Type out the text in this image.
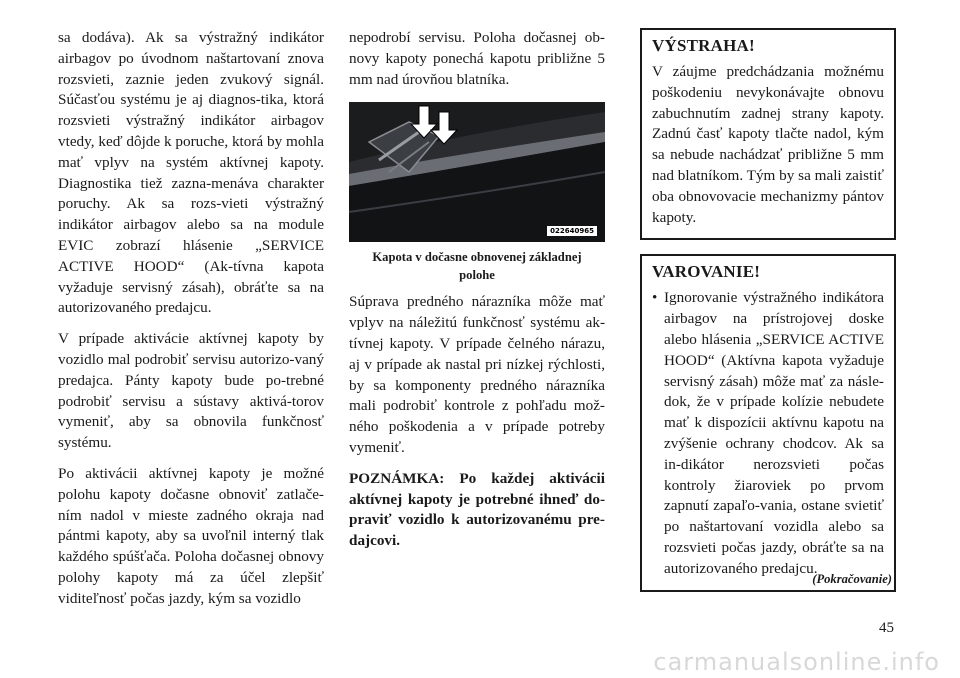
sa dodáva). Ak sa výstražný indikátor airbagov po úvodnom naštartovaní znova rozsvieti, zaznie jeden zvukový signál. Súčasťou systému je aj diagnos-tika, ktorá rozsvieti výstražný indikátor airbagov vtedy, keď dôjde k poruche, ktorá by mohla mať vplyv na systém aktívnej kapoty. Diagnostika tiež zazna-menáva charakter poruchy. Ak sa rozs-vieti výstražný indikátor airbagov alebo sa na module EVIC zobrazí hlásenie „SERVICE ACTIVE HOOD“ (Ak-tívna kapota vyžaduje servisný zásah), obráťte sa na autorizovaného predajcu.

V prípade aktivácie aktívnej kapoty by vozidlo mal podrobiť servisu autorizo-vaný predajca. Pánty kapoty bude po-trebné podrobiť servisu a sústavy aktivá-torov vymeniť, aby sa obnovila funkčnosť systému.

Po aktivácii aktívnej kapoty je možné polohu kapoty dočasne obnoviť zatlače-ním nadol v mieste zadného okraja nad pántmi kapoty, aby sa uvoľnil interný tlak každého spúšťača. Poloha dočasnej obnovy polohy kapoty má za účel zlepšiť viditeľnosť počas jazdy, kým sa vozidlo

nepodrobí servisu. Poloha dočasnej ob-novy kapoty ponechá kapotu približne 5 mm nad úrovňou blatníka.

0226409​65
Kapota v dočasne obnovenej základnej polohe

Súprava predného nárazníka môže mať vplyv na náležitú funkčnosť systému ak-tívnej kapoty. V prípade čelného nárazu, aj v prípade ak nastal pri nízkej rýchlosti, by sa komponenty predného nárazníka mali podrobiť kontrole z pohľadu mož-ného poškodenia a v prípade potreby vymeniť.

POZNÁMKA: Po každej aktivácii aktívnej kapoty je potrebné ihneď do-praviť vozidlo k autorizovanému pre-dajcovi.

VÝSTRAHA!

V záujme predchádzania možnému poškodeniu nevykonávajte obnovu zabuchnutím zadnej strany kapoty. Zadnú časť kapoty tlačte nadol, kým sa nebude nachádzať približne 5 mm nad blatníkom. Tým by sa mali zaistiť oba obnovovacie mechanizmy pántov kapoty.

VAROVANIE!
• Ignorovanie výstražného indikátora airbagov na prístrojovej doske alebo hlásenia „SERVICE ACTIVE HOOD“ (Aktívna kapota vyžaduje servisný zásah) môže mať za násle-dok, že v prípade kolízie nebudete mať k dispozícii aktívnu kapotu na zvýšenie ochrany chodcov. Ak sa in-dikátor nerozsvieti počas kontroly žiaroviek po prvom zapnutí zapaľo-vania, ostane svietiť po naštartovaní vozidla alebo sa rozsvieti počas jazdy, obráťte sa na autorizovaného predajcu.
(Pokračovanie)
45
carmanualsonline.info
